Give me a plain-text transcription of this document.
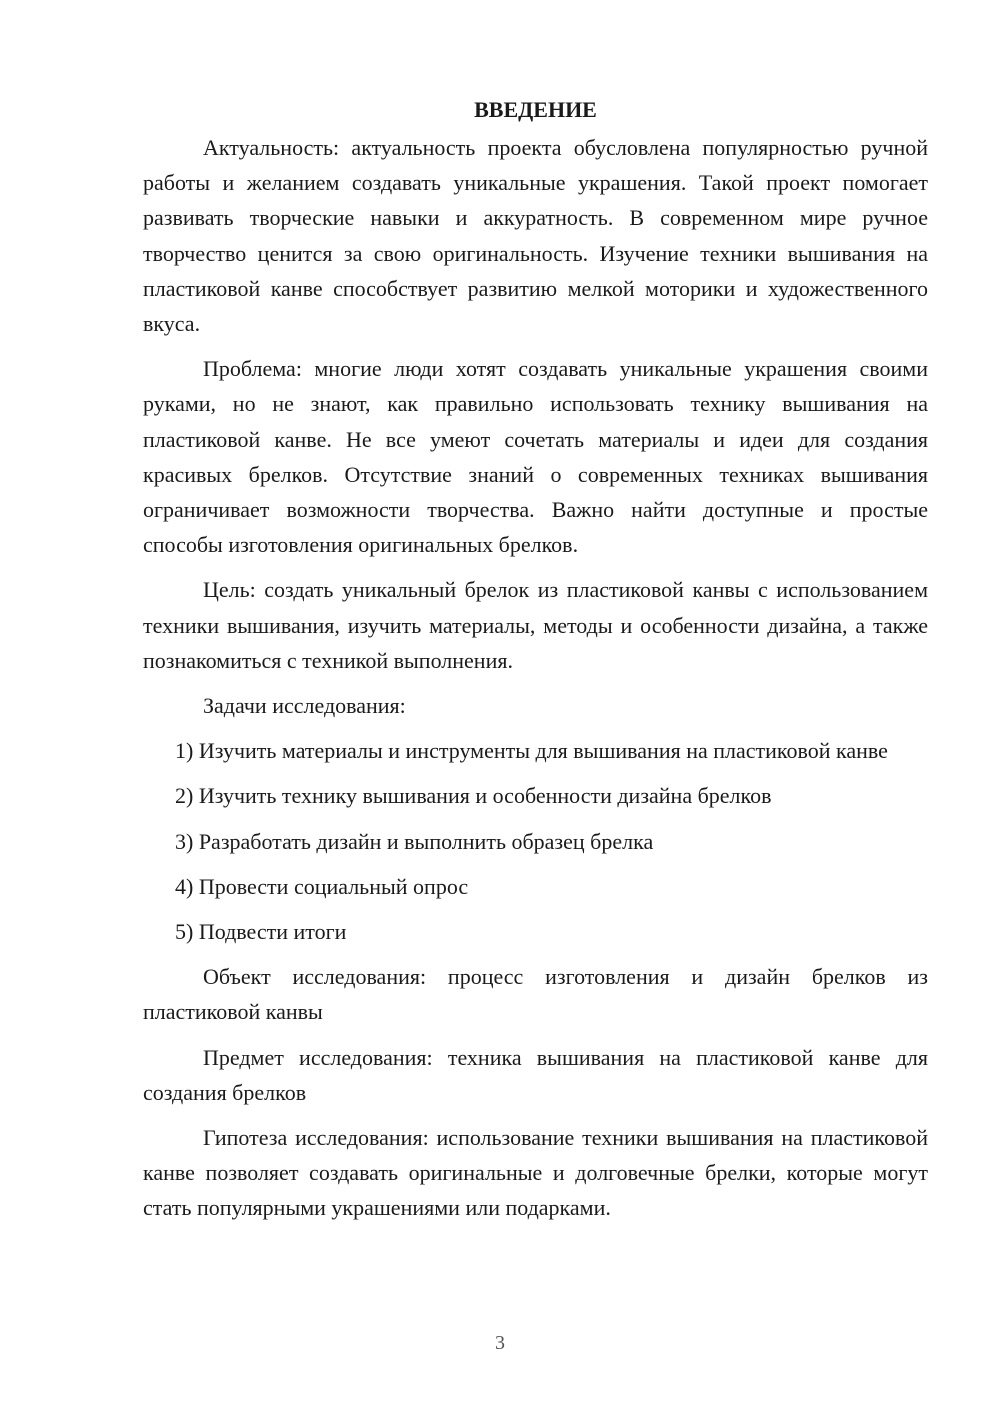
ВВЕДЕНИЕ

Актуальность: актуальность проекта обусловлена популярностью ручной работы и желанием создавать уникальные украшения. Такой проект помогает развивать творческие навыки и аккуратность. В современном мире ручное творчество ценится за свою оригинальность. Изучение техники вышивания на пластиковой канве способствует развитию мелкой моторики и художественного вкуса.

Проблема: многие люди хотят создавать уникальные украшения своими руками, но не знают, как правильно использовать технику вышивания на пластиковой канве. Не все умеют сочетать материалы и идеи для создания красивых брелков. Отсутствие знаний о современных техниках вышивания ограничивает возможности творчества. Важно найти доступные и простые способы изготовления оригинальных брелков.

Цель: создать уникальный брелок из пластиковой канвы с использованием техники вышивания, изучить материалы, методы и особенности дизайна, а также познакомиться с техникой выполнения.

Задачи исследования:

1) Изучить материалы и инструменты для вышивания на пластиковой канве
2) Изучить технику вышивания и особенности дизайна брелков
3) Разработать дизайн и выполнить образец брелка
4) Провести социальный опрос
5) Подвести итоги

Объект исследования: процесс изготовления и дизайн брелков из пластиковой канвы

Предмет исследования: техника вышивания на пластиковой канве для создания брелков

Гипотеза исследования: использование техники вышивания на пластиковой канве позволяет создавать оригинальные и долговечные брелки, которые могут стать популярными украшениями или подарками.

3
